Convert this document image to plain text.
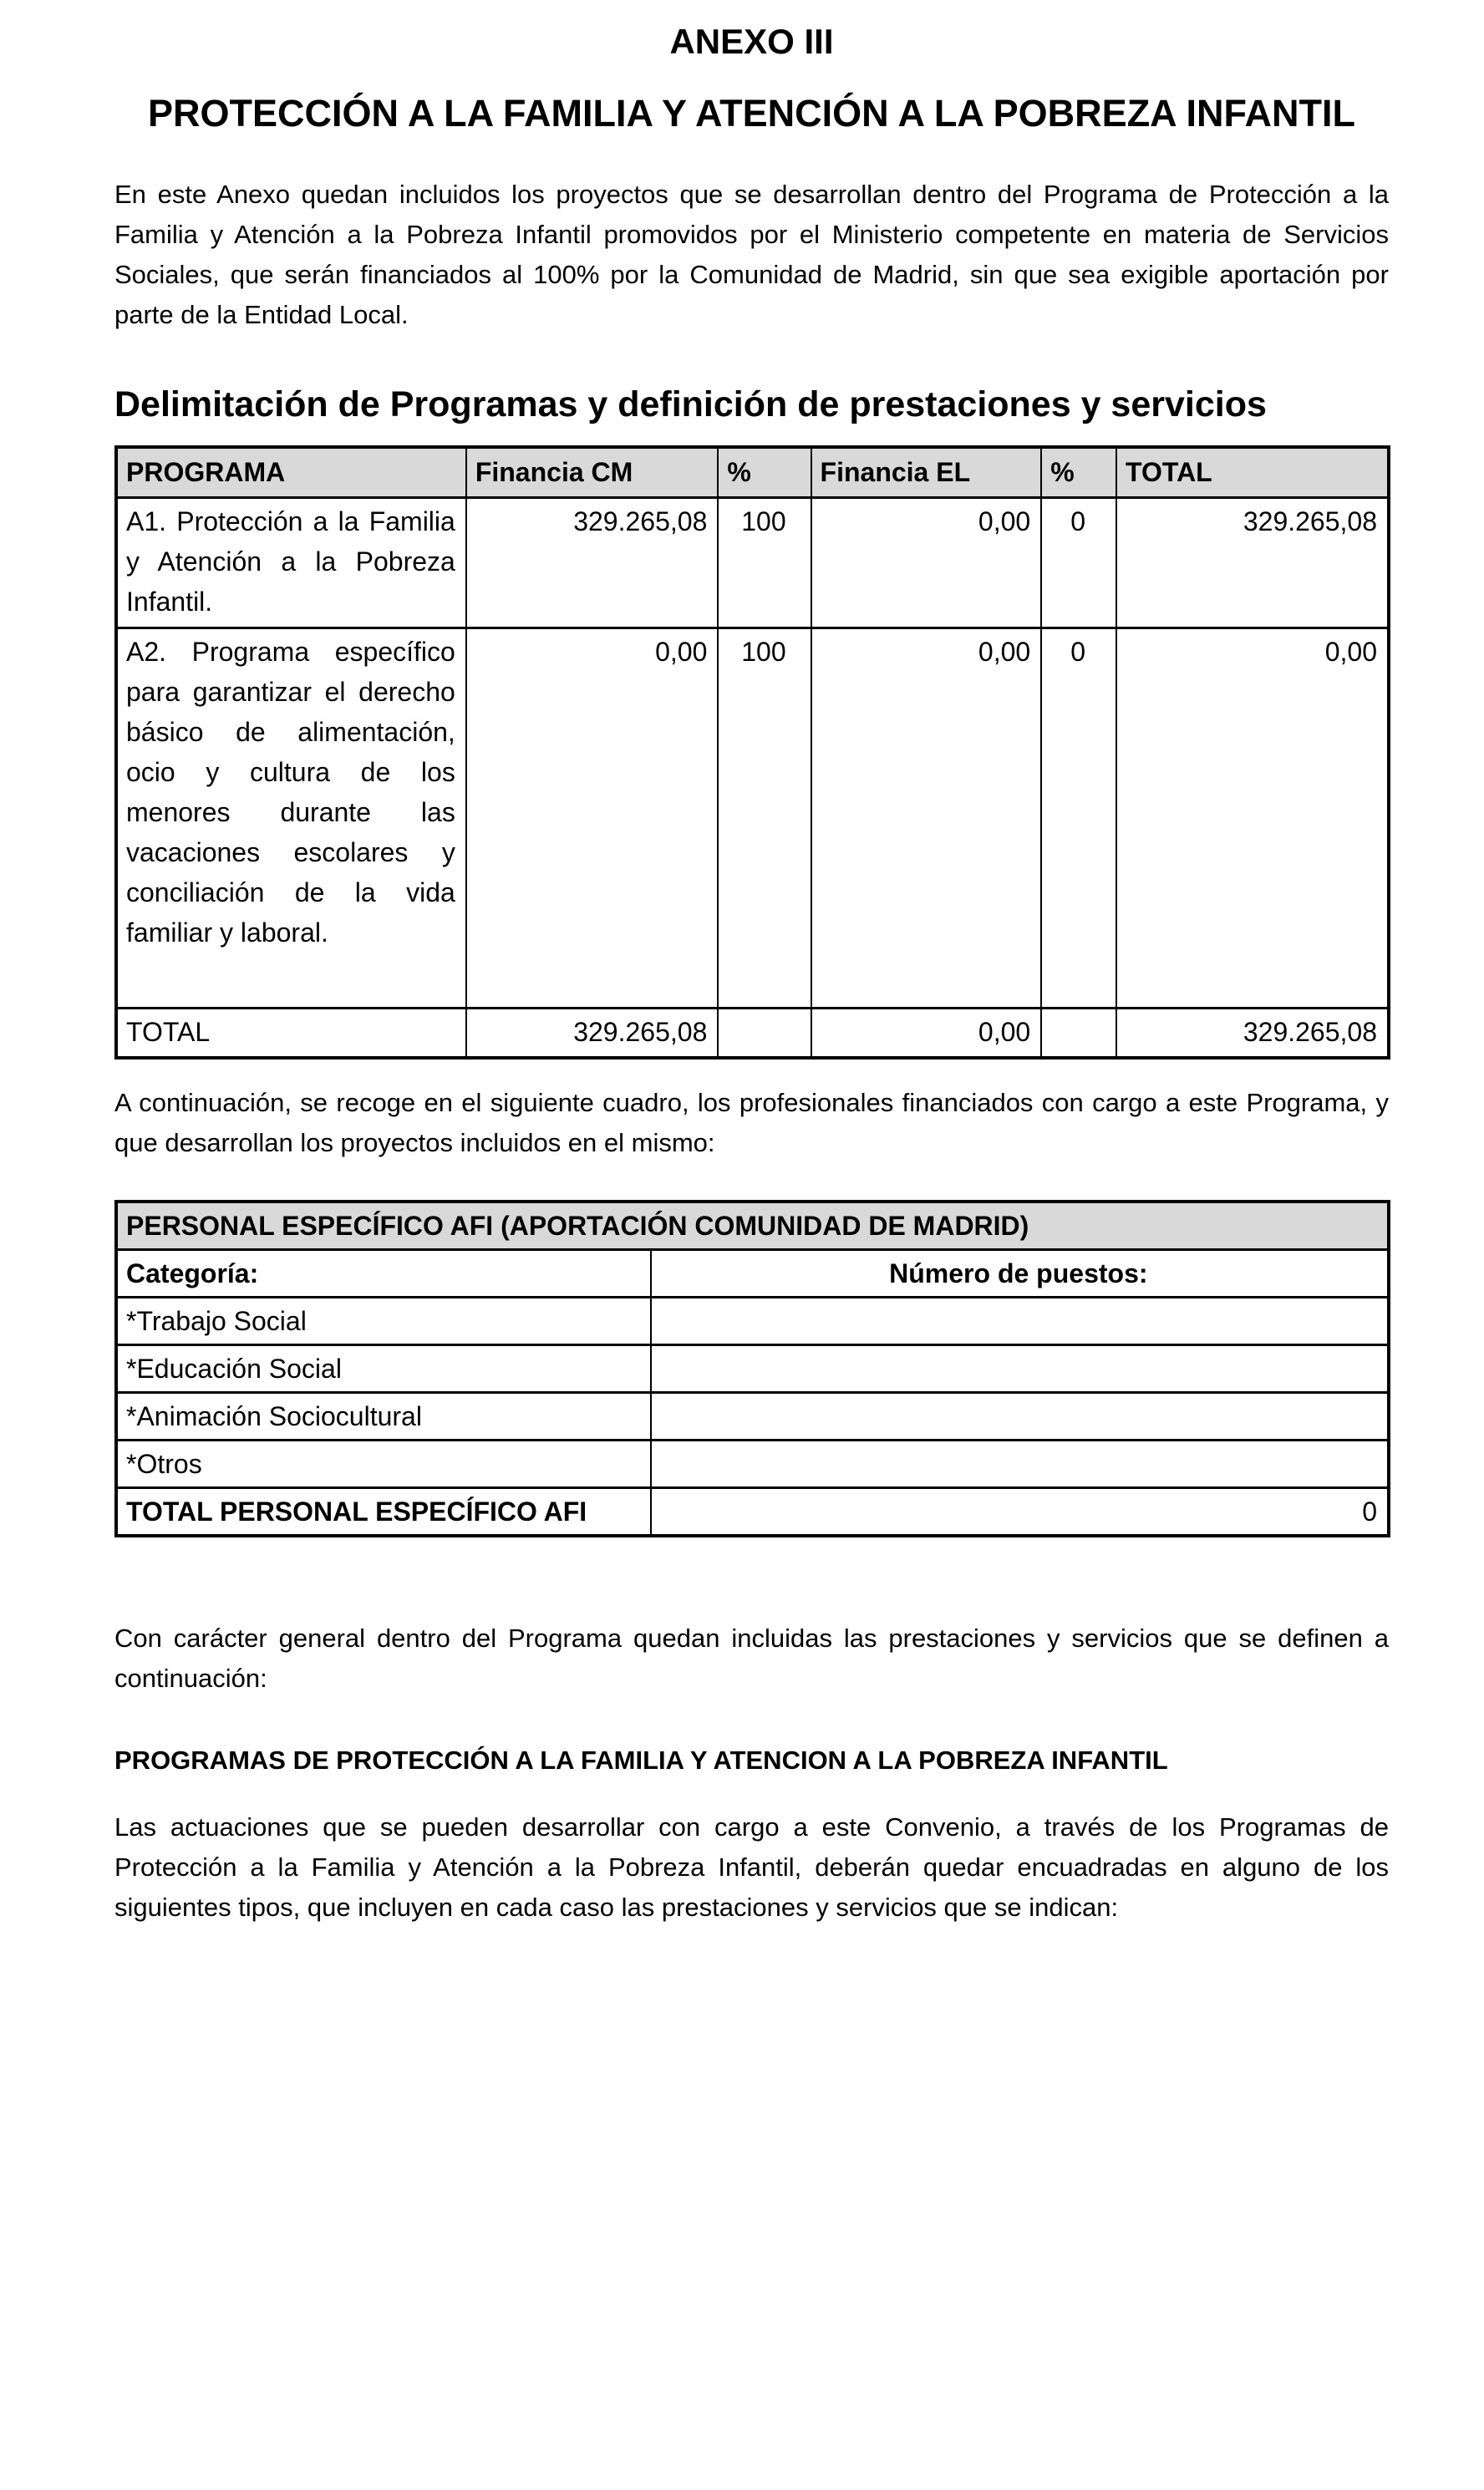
ANEXO III
PROTECCIÓN A LA FAMILIA Y ATENCIÓN A LA POBREZA INFANTIL

En este Anexo quedan incluidos los proyectos que se desarrollan dentro del Programa de Protección a la Familia y Atención a la Pobreza Infantil promovidos por el Ministerio competente en materia de Servicios Sociales, que serán financiados al 100% por la Comunidad de Madrid, sin que sea exigible aportación por parte de la Entidad Local.

Delimitación de Programas y definición de prestaciones y servicios
PROGRAMA	Financia CM	%	Financia EL	%	TOTAL
A1. Protección a la Familia y Atención a la Pobreza Infantil.	329.265,08	100	0,00	0	329.265,08
A2. Programa específico para garantizar el derecho básico de alimentación, ocio y cultura de los menores durante las vacaciones escolares y conciliación de la vida familiar y laboral.	0,00	100	0,00	0	0,00
TOTAL	329.265,08		0,00		329.265,08

A continuación, se recoge en el siguiente cuadro, los profesionales financiados con cargo a este Programa, y que desarrollan los proyectos incluidos en el mismo:

PERSONAL ESPECÍFICO AFI (APORTACIÓN COMUNIDAD DE MADRID)	
Categoría:	Número de puestos:
*Trabajo Social	
*Educación Social	
*Animación Sociocultural	
*Otros	
TOTAL PERSONAL ESPECÍFICO AFI	0

Con carácter general dentro del Programa quedan incluidas las prestaciones y servicios que se definen a continuación:

PROGRAMAS DE PROTECCIÓN A LA FAMILIA Y ATENCION A LA POBREZA INFANTIL

Las actuaciones que se pueden desarrollar con cargo a este Convenio, a través de los Programas de Protección a la Familia y Atención a la Pobreza Infantil, deberán quedar encuadradas en alguno de los siguientes tipos, que incluyen en cada caso las prestaciones y servicios que se indican:
